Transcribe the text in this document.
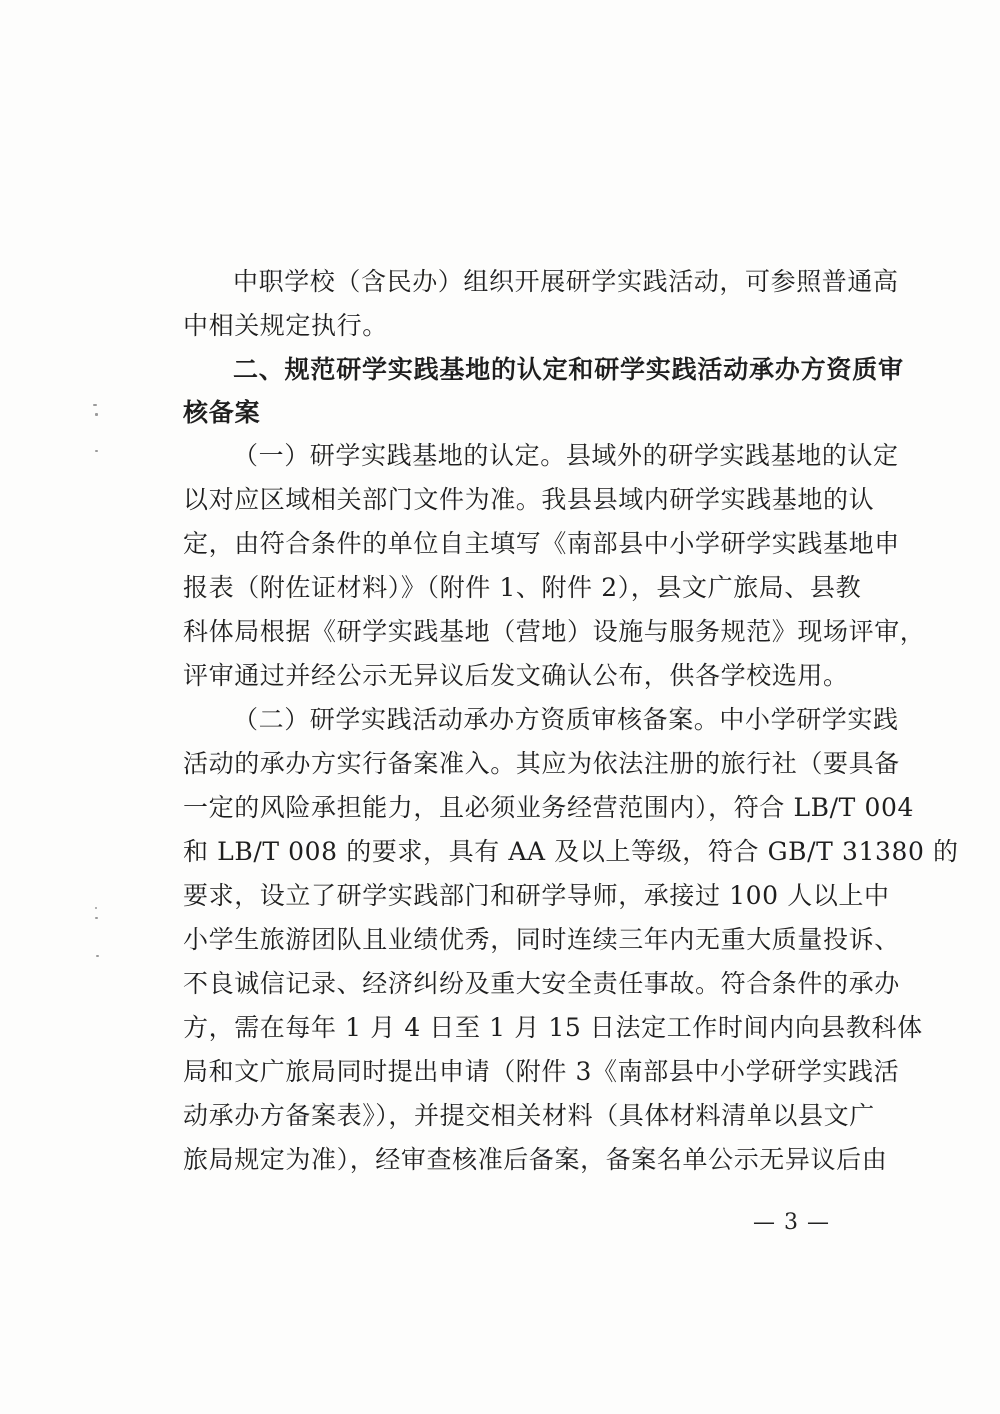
中职学校（含民办）组织开展研学实践活动，可参照普通高
中相关规定执行。
二、规范研学实践基地的认定和研学实践活动承办方资质审
核备案
（一）研学实践基地的认定。县域外的研学实践基地的认定
以对应区域相关部门文件为准。我县县域内研学实践基地的认
定，由符合条件的单位自主填写《南部县中小学研学实践基地申
报表（附佐证材料）》（附件 1、附件 2），县文广旅局、县教
科体局根据《研学实践基地（营地）设施与服务规范》现场评审，
评审通过并经公示无异议后发文确认公布，供各学校选用。
（二）研学实践活动承办方资质审核备案。中小学研学实践
活动的承办方实行备案准入。其应为依法注册的旅行社（要具备
一定的风险承担能力，且必须业务经营范围内），符合 LB/T 004
和 LB/T 008 的要求，具有 AA 及以上等级，符合 GB/T 31380 的
要求，设立了研学实践部门和研学导师，承接过 100 人以上中
小学生旅游团队且业绩优秀，同时连续三年内无重大质量投诉、
不良诚信记录、经济纠纷及重大安全责任事故。符合条件的承办
方，需在每年 1 月 4 日至 1 月 15 日法定工作时间内向县教科体
局和文广旅局同时提出申请（附件 3《南部县中小学研学实践活
动承办方备案表》），并提交相关材料（具体材料清单以县文广
旅局规定为准），经审查核准后备案，备案名单公示无异议后由
— 3 —
